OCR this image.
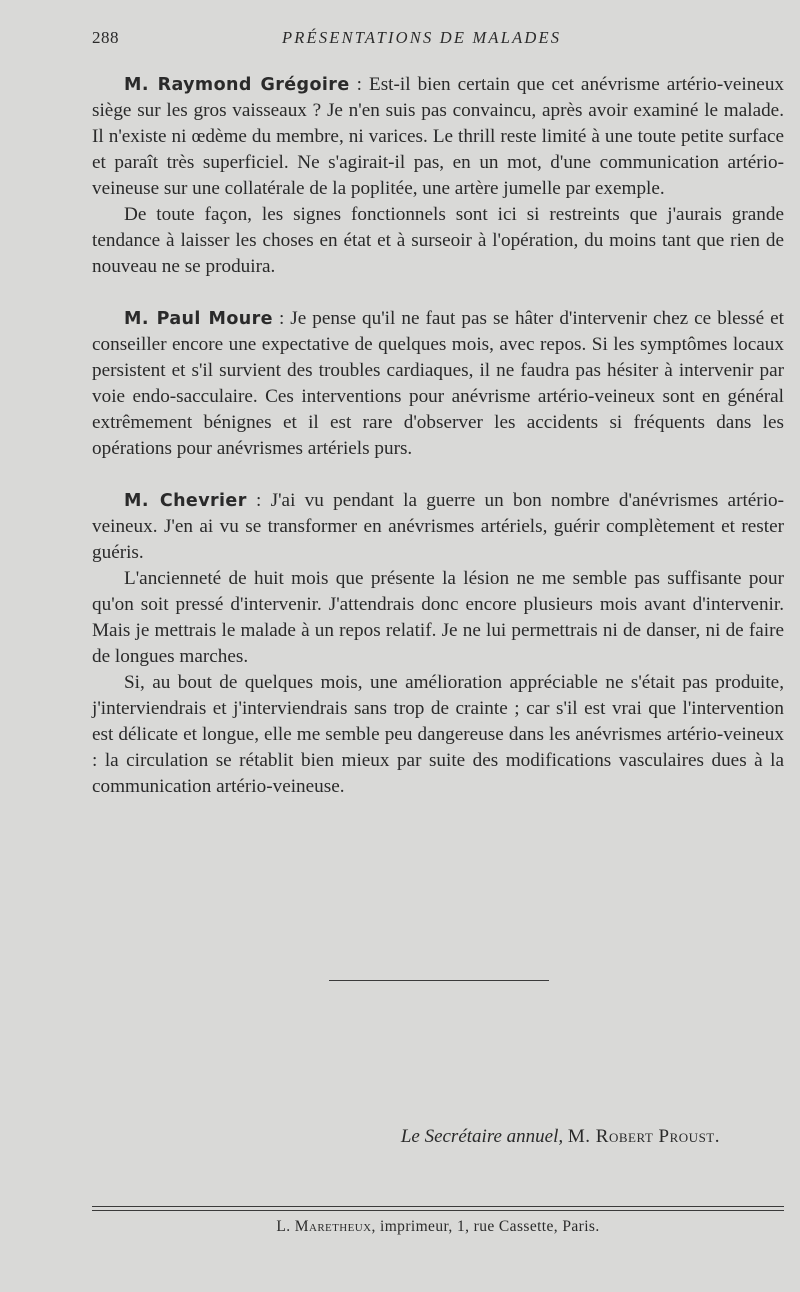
288	PRÉSENTATIONS DE MALADES

M. Raymond Grégoire : Est-il bien certain que cet anévrisme artério-veineux siège sur les gros vaisseaux ? Je n'en suis pas convaincu, après avoir examiné le malade. Il n'existe ni œdème du membre, ni varices. Le thrill reste limité à une toute petite surface et paraît très superficiel. Ne s'agirait-il pas, en un mot, d'une communication artério-veineuse sur une collatérale de la poplitée, une artère jumelle par exemple.

De toute façon, les signes fonctionnels sont ici si restreints que j'aurais grande tendance à laisser les choses en état et à surseoir à l'opération, du moins tant que rien de nouveau ne se produira.

M. Paul Moure : Je pense qu'il ne faut pas se hâter d'intervenir chez ce blessé et conseiller encore une expectative de quelques mois, avec repos. Si les symptômes locaux persistent et s'il survient des troubles cardiaques, il ne faudra pas hésiter à intervenir par voie endo-sacculaire. Ces interventions pour anévrisme artério-veineux sont en général extrêmement bénignes et il est rare d'observer les accidents si fréquents dans les opérations pour anévrismes artériels purs.

M. Chevrier : J'ai vu pendant la guerre un bon nombre d'anévrismes artério-veineux. J'en ai vu se transformer en anévrismes artériels, guérir complètement et rester guéris.

L'ancienneté de huit mois que présente la lésion ne me semble pas suffisante pour qu'on soit pressé d'intervenir. J'attendrais donc encore plusieurs mois avant d'intervenir. Mais je mettrais le malade à un repos relatif. Je ne lui permettrais ni de danser, ni de faire de longues marches.

Si, au bout de quelques mois, une amélioration appréciable ne s'était pas produite, j'interviendrais et j'interviendrais sans trop de crainte ; car s'il est vrai que l'intervention est délicate et longue, elle me semble peu dangereuse dans les anévrismes artério-veineux : la circulation se rétablit bien mieux par suite des modifications vasculaires dues à la communication artério-veineuse.

Le Secrétaire annuel, M. Robert Proust.
L. Maretheux, imprimeur, 1, rue Cassette, Paris.
